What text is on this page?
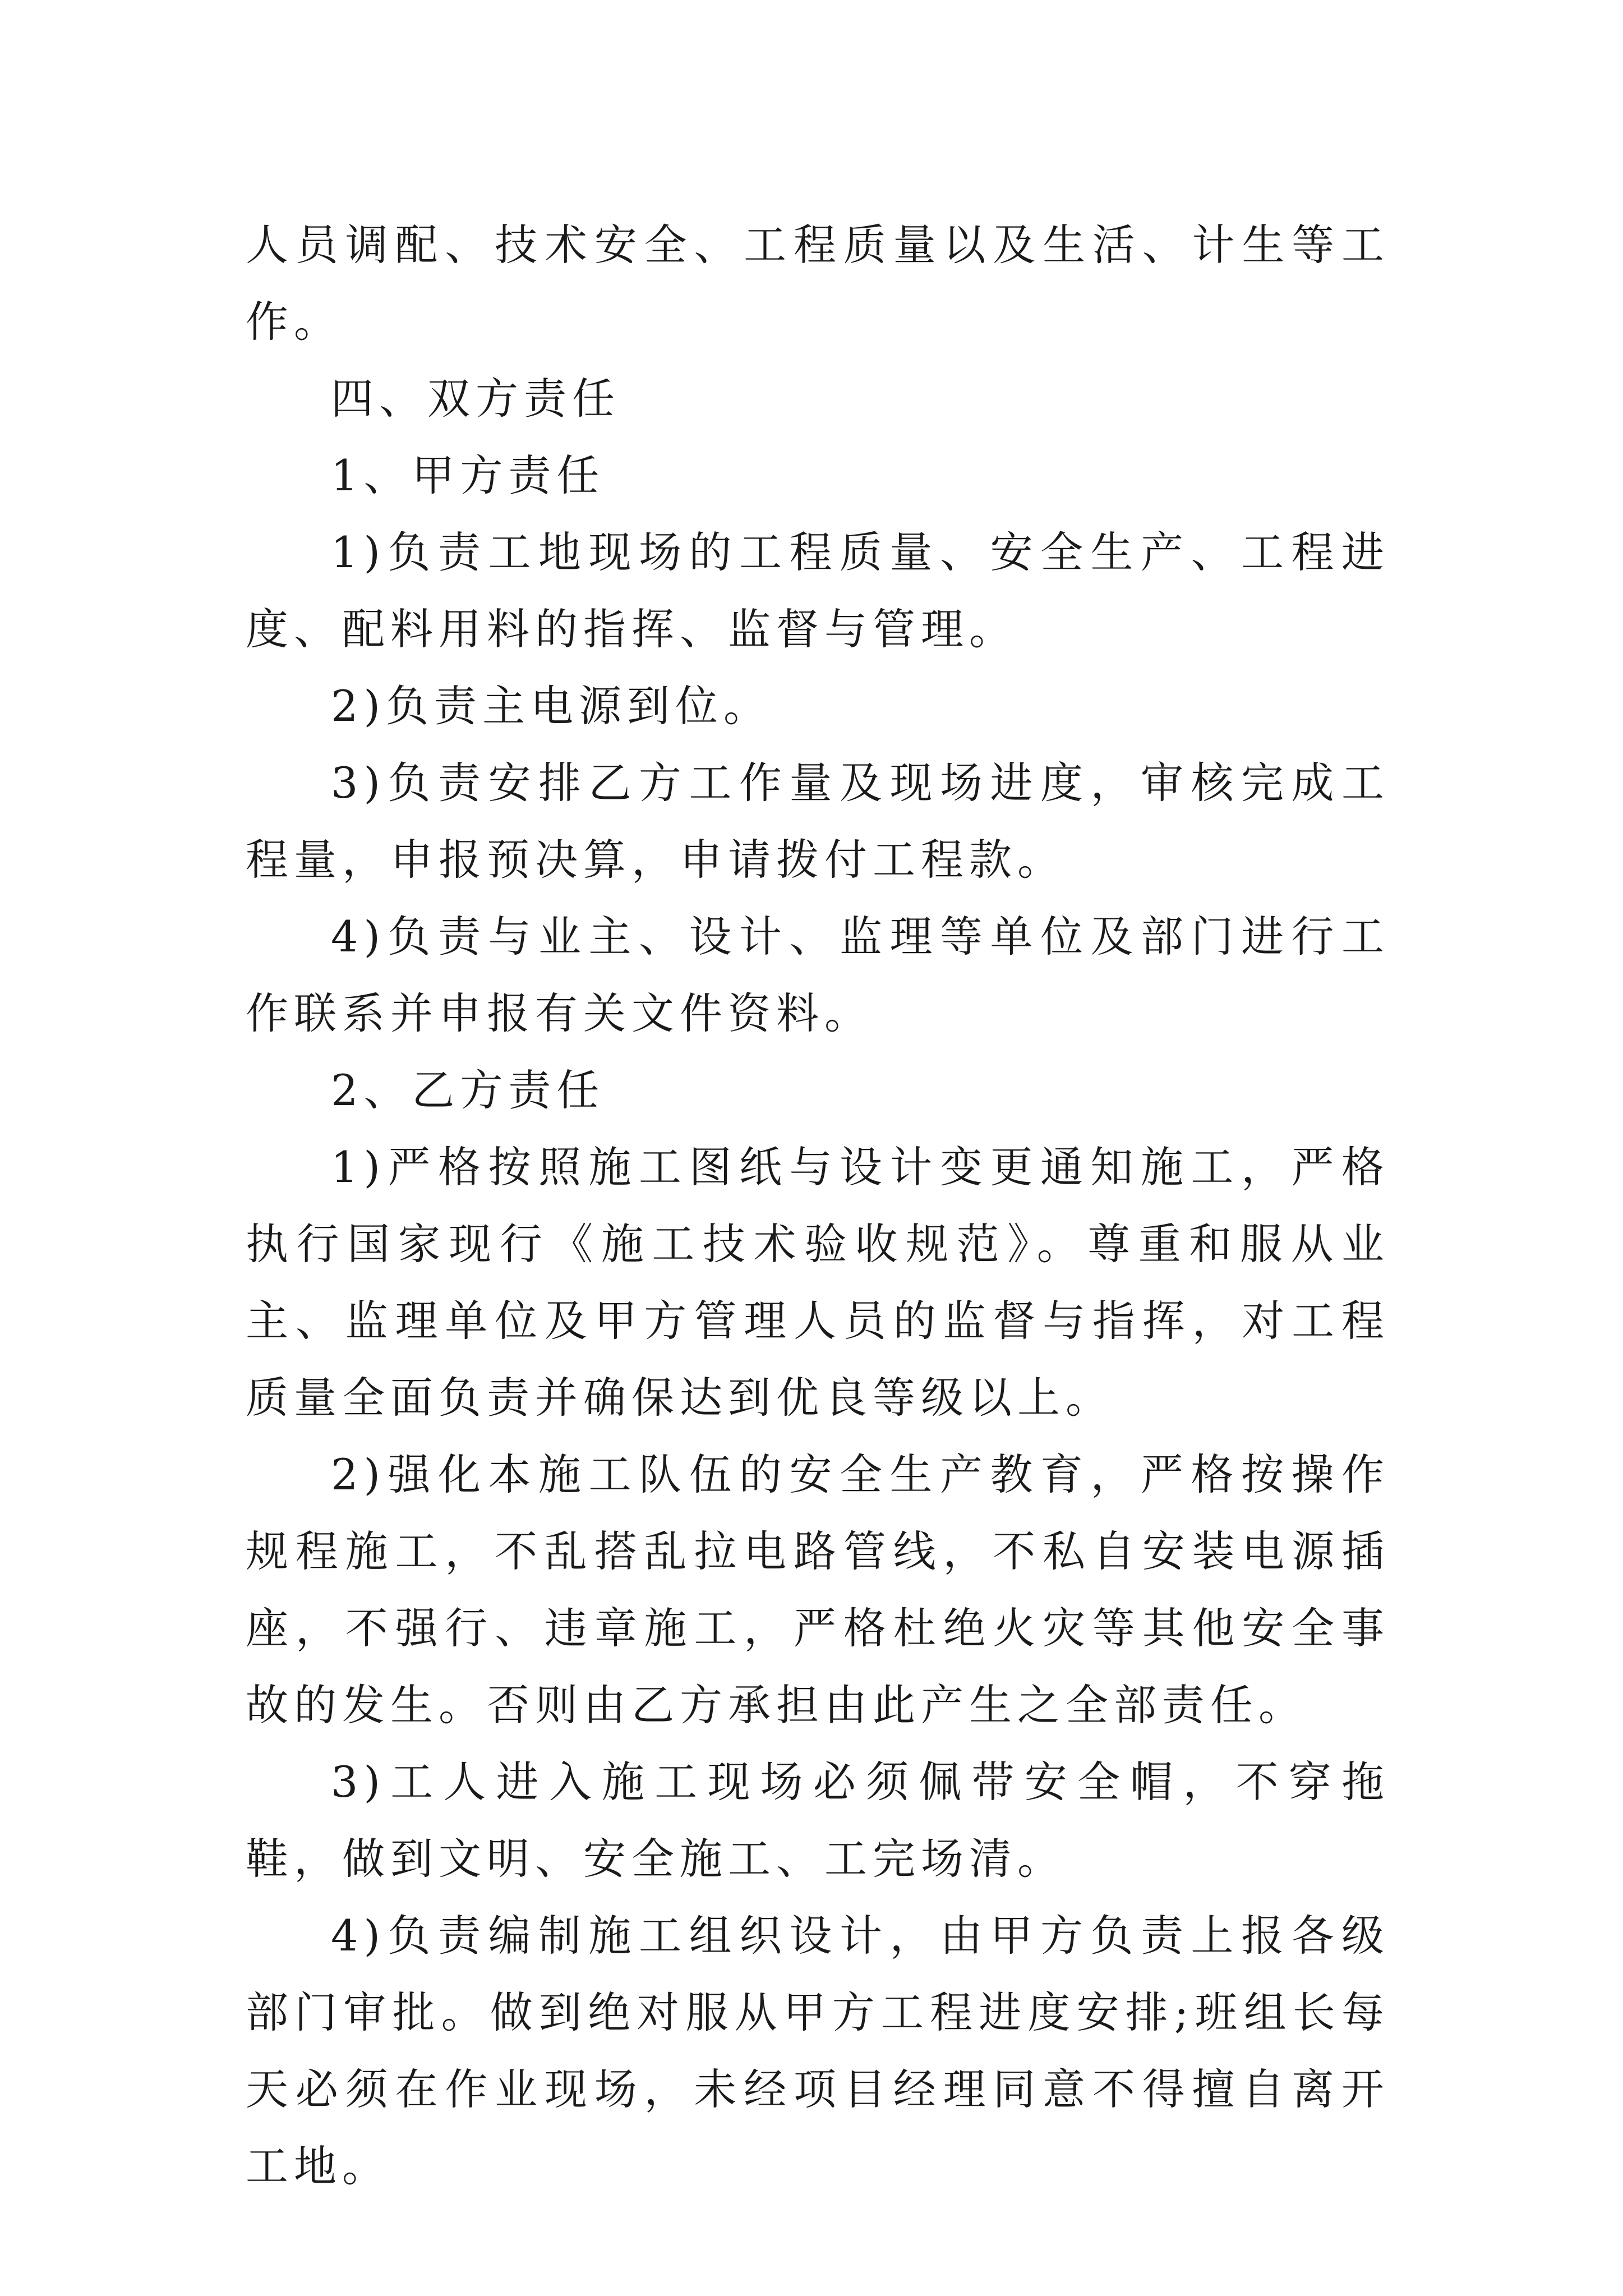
人员调配、技术安全、工程质量以及生活、计生等工作。

四、双方责任

1、甲方责任

1)负责工地现场的工程质量、安全生产、工程进度、配料用料的指挥、监督与管理。

2)负责主电源到位。

3)负责安排乙方工作量及现场进度，审核完成工程量，申报预决算，申请拨付工程款。

4)负责与业主、设计、监理等单位及部门进行工作联系并申报有关文件资料。

2、乙方责任

1)严格按照施工图纸与设计变更通知施工，严格执行国家现行《施工技术验收规范》。尊重和服从业主、监理单位及甲方管理人员的监督与指挥，对工程质量全面负责并确保达到优良等级以上。

2)强化本施工队伍的安全生产教育，严格按操作规程施工，不乱搭乱拉电路管线，不私自安装电源插座，不强行、违章施工，严格杜绝火灾等其他安全事故的发生。否则由乙方承担由此产生之全部责任。

3)工人进入施工现场必须佩带安全帽，不穿拖鞋，做到文明、安全施工、工完场清。

4)负责编制施工组织设计，由甲方负责上报各级部门审批。做到绝对服从甲方工程进度安排;班组长每天必须在作业现场，未经项目经理同意不得擅自离开工地。
